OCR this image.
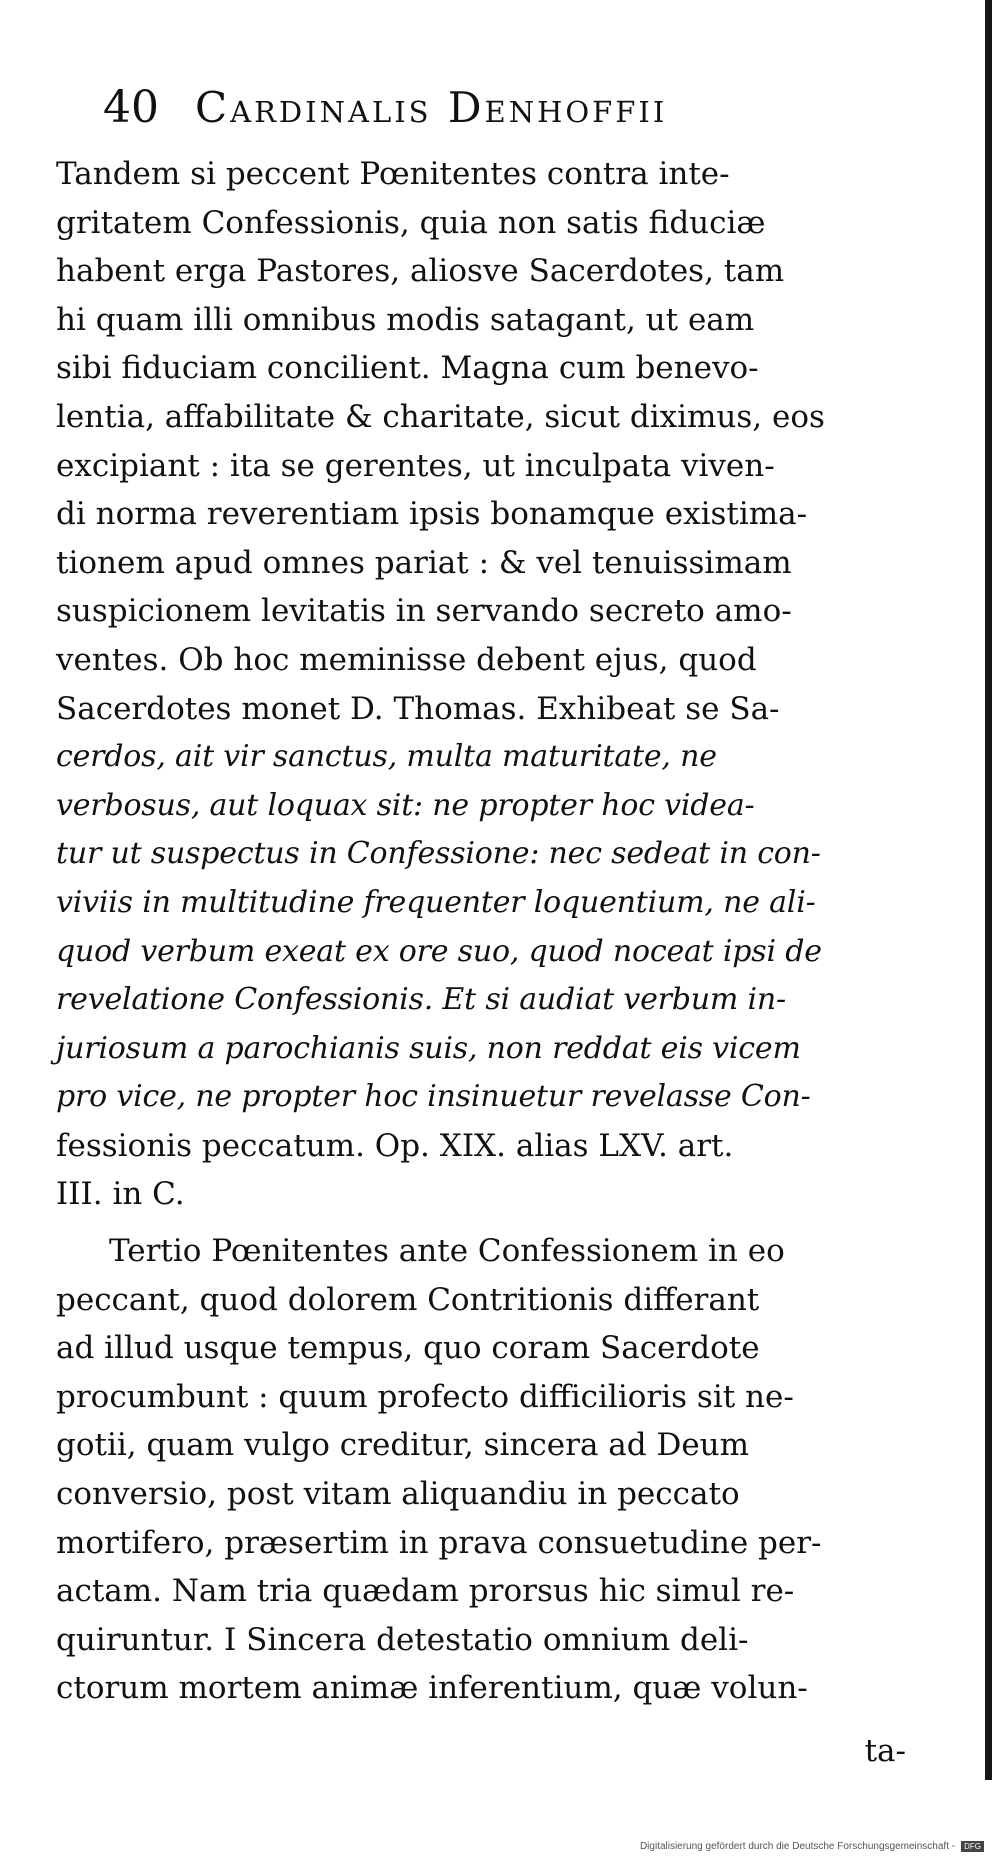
40 Cardinalis Denhoffii
Tandem si peccent Pœnitentes contra inte-
gritatem Confessionis, quia non satis fiduciæ
habent erga Pastores, aliosve Sacerdotes, tam
hi quam illi omnibus modis satagant, ut eam
sibi fiduciam concilient. Magna cum benevo-
lentia, affabilitate & charitate, sicut diximus, eos
excipiant : ita se gerentes, ut inculpata viven-
di norma reverentiam ipsis bonamque existima-
tionem apud omnes pariat : & vel tenuissimam
suspicionem levitatis in servando secreto amo-
ventes. Ob hoc meminisse debent ejus, quod
Sacerdotes monet D. Thomas. Exhibeat se Sa-
cerdos, ait vir sanctus, multa maturitate, ne
verbosus, aut loquax sit: ne propter hoc videa-
tur ut suspectus in Confessione: nec sedeat in con-
viviis in multitudine frequenter loquentium, ne ali-
quod verbum exeat ex ore suo, quod noceat ipsi de
revelatione Confessionis. Et si audiat verbum in-
juriosum a parochianis suis, non reddat eis vicem
pro vice, ne propter hoc insinuetur revelasse Con-
fessionis peccatum. Op. XIX. alias LXV. art.
III. in C.
Tertio Pœnitentes ante Confessionem in eo
peccant, quod dolorem Contritionis differant
ad illud usque tempus, quo coram Sacerdote
procumbunt : quum profecto difficilioris sit ne-
gotii, quam vulgo creditur, sincera ad Deum
conversio, post vitam aliquandiu in peccato
mortifero, præsertim in prava consuetudine per-
actam. Nam tria quædam prorsus hic simul re-
quiruntur. I Sincera detestatio omnium deli-
ctorum mortem animæ inferentium, quæ volun-
ta-
Digitalisierung gefördert durch die Deutsche Forschungsgemeinschaft -	DFG
